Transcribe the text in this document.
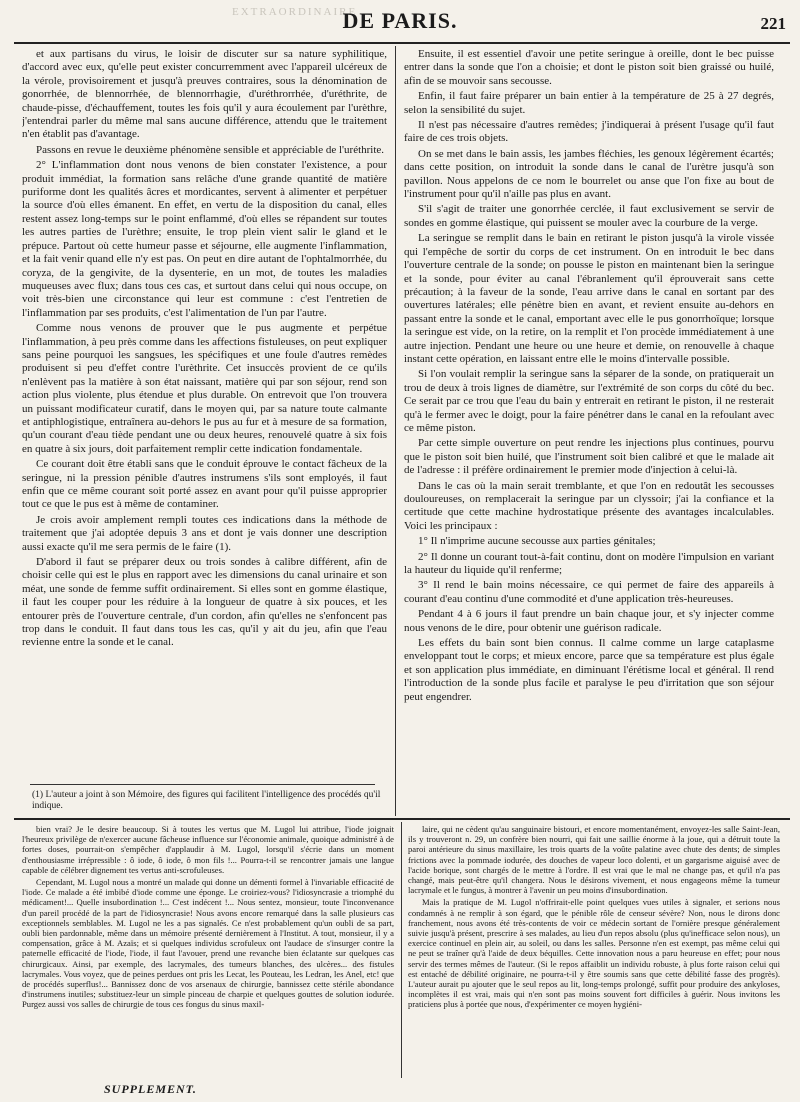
EXTRAORDINAIRE
DE PARIS.	221

et aux partisans du virus, le loisir de discuter sur sa nature syphilitique, d'accord avec eux, qu'elle peut exister concurremment avec l'appareil ulcéreux de la vérole, provisoirement et jusqu'à preuves contraires, sous la dénomination de gonorrhée, de blennorrhée, de blennorrhagie, d'uréthrorrhée, d'uréthrite, de chaude-pisse, d'échauffement, toutes les fois qu'il y aura écoulement par l'urèthre, j'entendrai parler du même mal sans aucune différence, attendu que le traitement n'en établit pas d'avantage.

Passons en revue le deuxième phénomène sensible et appréciable de l'uréthrite.

2° L'inflammation dont nous venons de bien constater l'existence, a pour produit immédiat, la formation sans relâche d'une grande quantité de matière puriforme dont les qualités âcres et mordicantes, servent à alimenter et perpétuer la source d'où elles émanent. En effet, en vertu de la disposition du canal, elles restent assez long-temps sur le point enflammé, d'où elles se répandent sur toutes les autres parties de l'urèthre; ensuite, le trop plein vient salir le gland et le prépuce. Partout où cette humeur passe et séjourne, elle augmente l'inflammation, et la fait venir quand elle n'y est pas. On peut en dire autant de l'ophtalmorrhée, du coryza, de la gengivite, de la dysenterie, en un mot, de toutes les maladies muqueuses avec flux; dans tous ces cas, et surtout dans celui qui nous occupe, on voit très-bien une circonstance qui leur est commune : c'est l'entretien de l'inflammation par ses produits, c'est l'alimentation de l'un par l'autre.

Comme nous venons de prouver que le pus augmente et perpétue l'inflammation, à peu près comme dans les affections fistuleuses, on peut expliquer sans peine pourquoi les sangsues, les spécifiques et une foule d'autres remèdes produisent si peu d'effet contre l'urèthrite. Cet insuccès provient de ce qu'ils n'enlèvent pas la matière à son état naissant, matière qui par son séjour, rend son action plus violente, plus étendue et plus durable. On entrevoit que l'on trouvera un puissant modificateur curatif, dans le moyen qui, par sa nature toute calmante et antiphlogistique, entraînera au-dehors le pus au fur et à mesure de sa formation, qu'un courant d'eau tiède pendant une ou deux heures, renouvelé quatre à six fois en quatre à six jours, doit parfaitement remplir cette indication fondamentale.

Ce courant doit être établi sans que le conduit éprouve le contact fâcheux de la seringue, ni la pression pénible d'autres instrumens s'ils sont employés, il faut enfin que ce même courant soit porté assez en avant pour qu'il puisse approprier tout ce que le pus est à même de contaminer.

Je crois avoir amplement rempli toutes ces indications dans la méthode de traitement que j'ai adoptée depuis 3 ans et dont je vais donner une description aussi exacte qu'il me sera permis de le faire (1).

D'abord il faut se préparer deux ou trois sondes à calibre différent, afin de choisir celle qui est le plus en rapport avec les dimensions du canal urinaire et son méat, une sonde de femme suffit ordinairement. Si elles sont en gomme élastique, il faut les couper pour les réduire à la longueur de quatre à six pouces, et les entourer près de l'ouverture centrale, d'un cordon, afin qu'elles ne s'enfoncent pas trop dans le conduit. Il faut dans tous les cas, qu'il y ait du jeu, afin que l'eau revienne entre la sonde et le canal.

Ensuite, il est essentiel d'avoir une petite seringue à oreille, dont le bec puisse entrer dans la sonde que l'on a choisie; et dont le piston soit bien graissé ou huilé, afin de se mouvoir sans secousse.

Enfin, il faut faire préparer un bain entier à la température de 25 à 27 degrés, selon la sensibilité du sujet.

Il n'est pas nécessaire d'autres remèdes; j'indiquerai à présent l'usage qu'il faut faire de ces trois objets.

On se met dans le bain assis, les jambes fléchies, les genoux légèrement écartés; dans cette position, on introduit la sonde dans le canal de l'urètre jusqu'à son pavillon. Nous appelons de ce nom le bourrelet ou anse que l'on fixe au bout de l'instrument pour qu'il n'aille pas plus en avant.

S'il s'agit de traiter une gonorrhée cerclée, il faut exclusivement se servir de sondes en gomme élastique, qui puissent se mouler avec la courbure de la verge.

La seringue se remplit dans le bain en retirant le piston jusqu'à la virole vissée qui l'empêche de sortir du corps de cet instrument. On en introduit le bec dans l'ouverture centrale de la sonde; on pousse le piston en maintenant bien la seringue et la sonde, pour éviter au canal l'ébranlement qu'il éprouverait sans cette précaution; à la faveur de la sonde, l'eau arrive dans le canal en sortant par des ouvertures latérales; elle pénètre bien en avant, et revient ensuite au-dehors en passant entre la sonde et le canal, emportant avec elle le pus gonorrhoïque; lorsque la seringue est vide, on la retire, on la remplit et l'on procède immédiatement à une autre injection. Pendant une heure ou une heure et demie, on renouvelle à chaque instant cette opération, en laissant entre elle le moins d'intervalle possible.

Si l'on voulait remplir la seringue sans la séparer de la sonde, on pratiquerait un trou de deux à trois lignes de diamètre, sur l'extrémité de son corps du côté du bec. Ce serait par ce trou que l'eau du bain y entrerait en retirant le piston, il ne resterait qu'à le fermer avec le doigt, pour la faire pénétrer dans le canal en la refoulant avec ce même piston.

Par cette simple ouverture on peut rendre les injections plus continues, pourvu que le piston soit bien huilé, que l'instrument soit bien calibré et que le malade ait de l'adresse : il préfère ordinairement le premier mode d'injection à celui-là.

Dans le cas où la main serait tremblante, et que l'on en redoutât les secousses douloureuses, on remplacerait la seringue par un clyssoir; j'ai la confiance et la certitude que cette machine hydrostatique présente des avantages incalculables. Voici les principaux :

1° Il n'imprime aucune secousse aux parties génitales;

2° Il donne un courant tout-à-fait continu, dont on modère l'impulsion en variant la hauteur du liquide qu'il renferme;

3° Il rend le bain moins nécessaire, ce qui permet de faire des appareils à courant d'eau continu d'une commodité et d'une application très-heureuses.

Pendant 4 à 6 jours il faut prendre un bain chaque jour, et s'y injecter comme nous venons de le dire, pour obtenir une guérison radicale.

Les effets du bain sont bien connus. Il calme comme un large cataplasme enveloppant tout le corps; et mieux encore, parce que sa température est plus égale et son application plus immédiate, en diminuant l'érétisme local et général. Il rend l'introduction de la sonde plus facile et paralyse le peu d'irritation que son séjour peut engendrer.

(1) L'auteur a joint à son Mémoire, des figures qui facilitent l'intelligence des procédés qu'il indique.

bien vrai? Je le desire beaucoup. Si à toutes les vertus que M. Lugol lui attribue, l'iode joignait l'heureux privilège de n'exercer aucune fâcheuse influence sur l'économie animale, quoique administré à de fortes doses, pourrait-on s'empêcher d'applaudir à M. Lugol, lorsqu'il s'écrie dans un moment d'enthousiasme irrépressible : ô iode, ô iode, ô mon fils !... Pourra-t-il se rencontrer jamais une langue capable de célébrer dignement tes vertus anti-scrofuleuses.

Cependant, M. Lugol nous a montré un malade qui donne un démenti formel à l'invariable efficacité de l'iode. Ce malade a été imbibé d'iode comme une éponge. Le croiriez-vous? l'idiosyncrasie a triomphé du médicament!... Quelle insubordination !... C'est indécent !... Nous sentez, monsieur, toute l'inconvenance d'un pareil procédé de la part de l'idiosyncrasie! Nous avons encore remarqué dans la salle plusieurs cas exceptionnels semblables. M. Lugol ne les a pas signalés. Ce n'est probablement qu'un oubli de sa part, oubli bien pardonnable, même dans un mémoire présenté dernièrement à l'Institut. A tout, monsieur, il y a compensation, grâce à M. Azaïs; et si quelques individus scrofuleux ont l'audace de s'insurger contre la paternelle efficacité de l'iode, l'iode, il faut l'avouer, prend une revanche bien éclatante sur quelques cas chirurgicaux. Ainsi, par exemple, des lacrymales, des tumeurs blanches, des ulcères... des fistules lacrymales. Vous voyez, que de peines perdues ont pris les Lecat, les Pouteau, les Ledran, les Anel, etc! que de procédés superflus!... Bannissez donc de vos arsenaux de chirurgie, bannissez cette stérile abondance d'instrumens inutiles; substituez-leur un simple pinceau de charpie et quelques gouttes de solution iodurée. Purgez aussi vos salles de chirurgie de tous ces fongus du sinus maxil-

laire, qui ne cèdent qu'au sanguinaire bistouri, et encore momentanément, envoyez-les salle Saint-Jean, ils y trouveront n. 29, un confrère bien nourri, qui fait une saillie énorme à la joue, qui a détruit toute la paroi antérieure du sinus maxillaire, les trois quarts de la voûte palatine avec chute des dents; de simples frictions avec la pommade iodurée, des douches de vapeur loco dolenti, et un gargarisme aiguisé avec de l'acide borique, sont chargés de le mettre à l'ordre. Il est vrai que le mal ne change pas, et qu'il n'a pas changé, mais peut-être qu'il changera. Nous le désirons vivement, et nous engageons même la tumeur lacrymale et le fungus, à montrer à l'avenir un peu moins d'insubordination.

Mais la pratique de M. Lugol n'offrirait-elle point quelques vues utiles à signaler, et serions nous condamnés à ne remplir à son égard, que le pénible rôle de censeur sévère? Non, nous le dirons donc franchement, nous avons été très-contents de voir ce médecin sortant de l'ornière presque généralement suivie jusqu'à présent, prescrire à ses malades, au lieu d'un repos absolu (plus qu'inefficace selon nous), un exercice continuel en plein air, au soleil, ou dans les salles. Personne n'en est exempt, pas même celui qui ne peut se traîner qu'à l'aide de deux béquilles. Cette innovation nous a paru heureuse en effet; pour nous servir des termes mêmes de l'auteur. (Si le repos affaiblit un individu robuste, à plus forte raison celui qui est entaché de débilité originaire, ne pourra-t-il y être soumis sans que cette débilité fasse des progrès). L'auteur aurait pu ajouter que le seul repos au lit, long-temps prolongé, suffit pour produire des ankyloses, incomplètes il est vrai, mais qui n'en sont pas moins souvent fort difficiles à guérir. Nous invitons les praticiens plus à portée que nous, d'expérimenter ce moyen hygiéni-

SUPPLEMENT.
